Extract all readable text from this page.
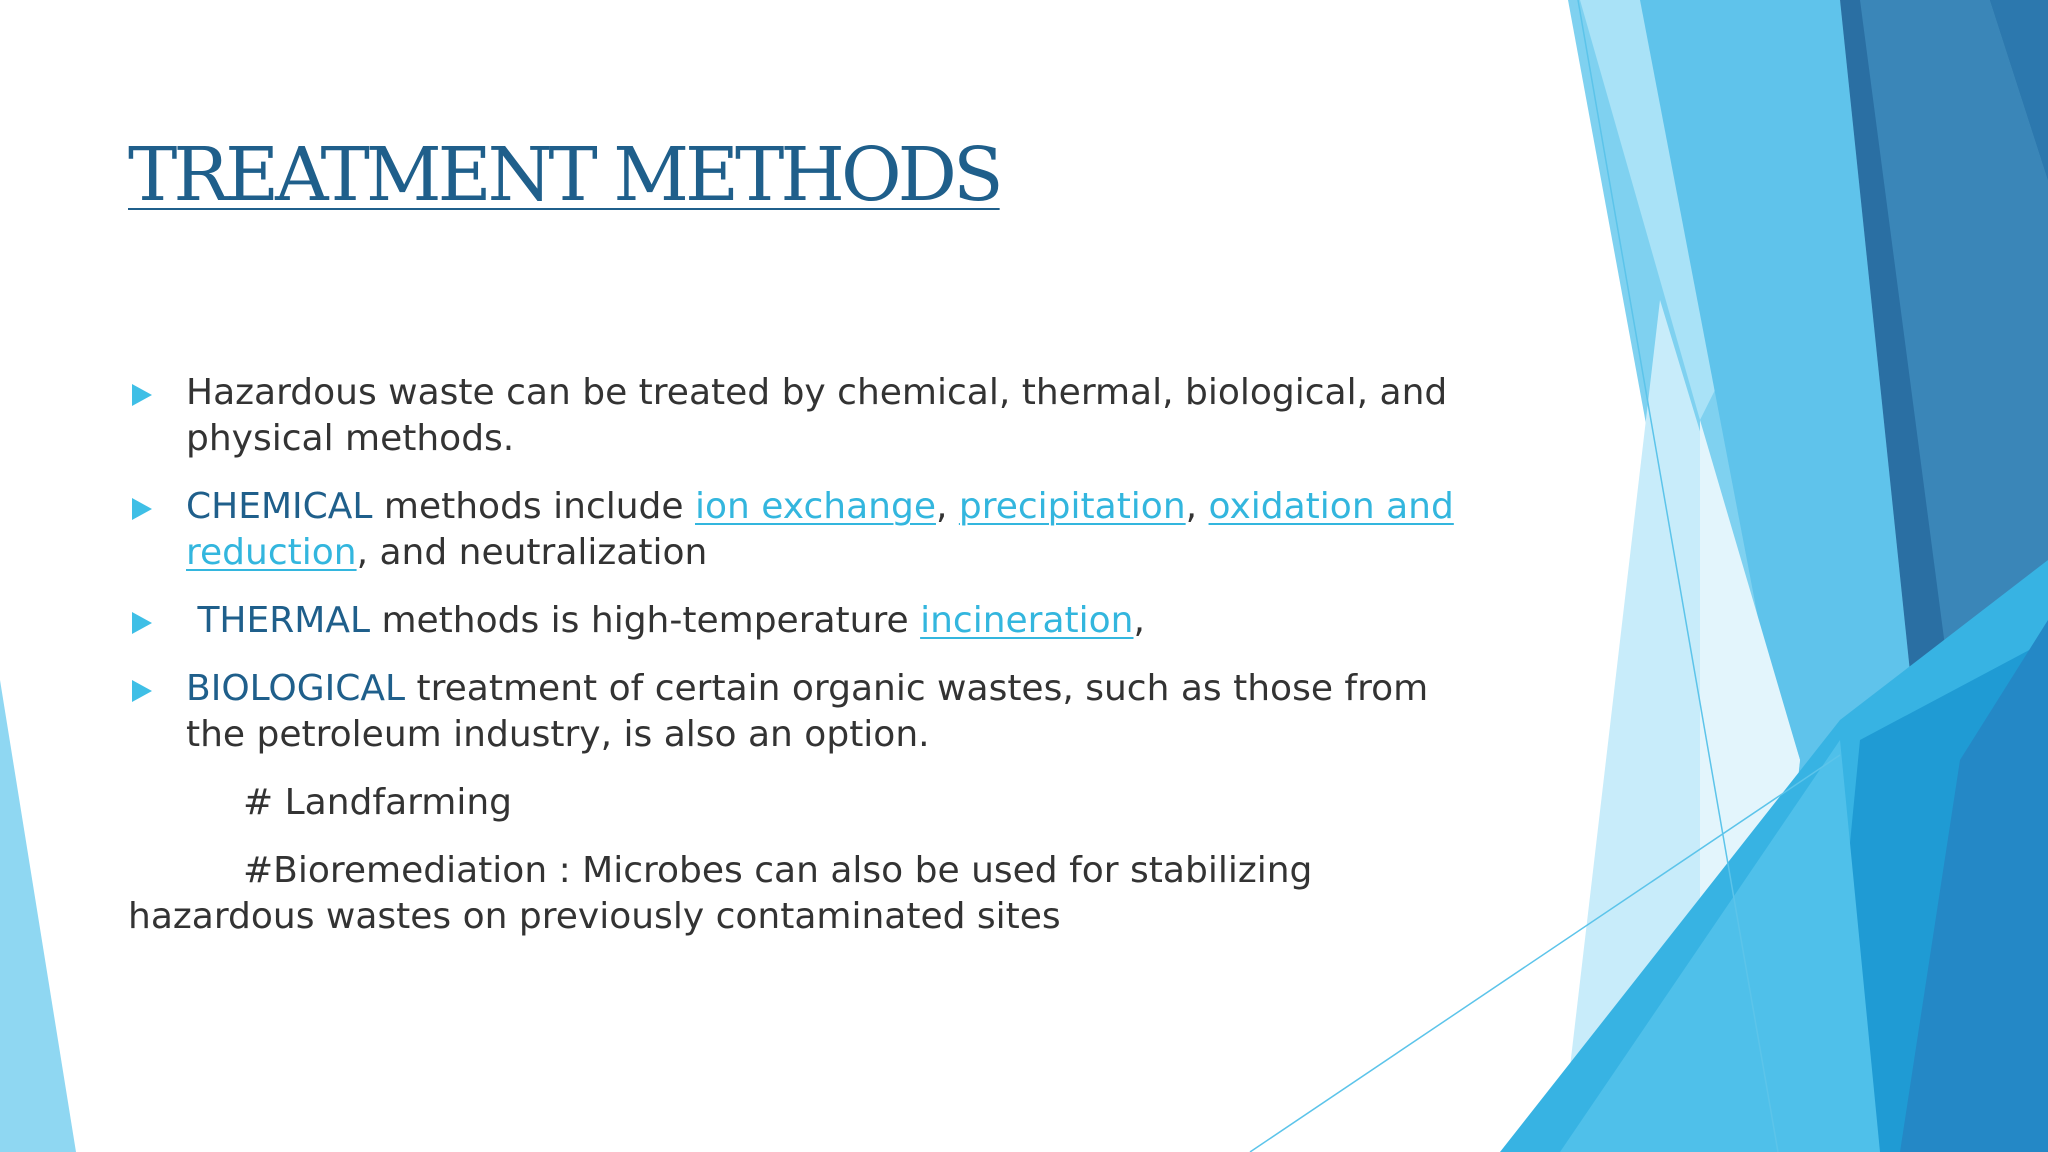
TREATMENT METHODS
Hazardous waste can be treated by chemical, thermal, biological, and physical methods.
CHEMICAL methods include ion exchange, precipitation, oxidation and reduction, and neutralization
THERMAL methods is high-temperature incineration,
BIOLOGICAL treatment of certain organic wastes, such as those from the petroleum industry, is also an option.
# Landfarming

#Bioremediation : Microbes can also be used for stabilizing hazardous wastes on previously contaminated sites
